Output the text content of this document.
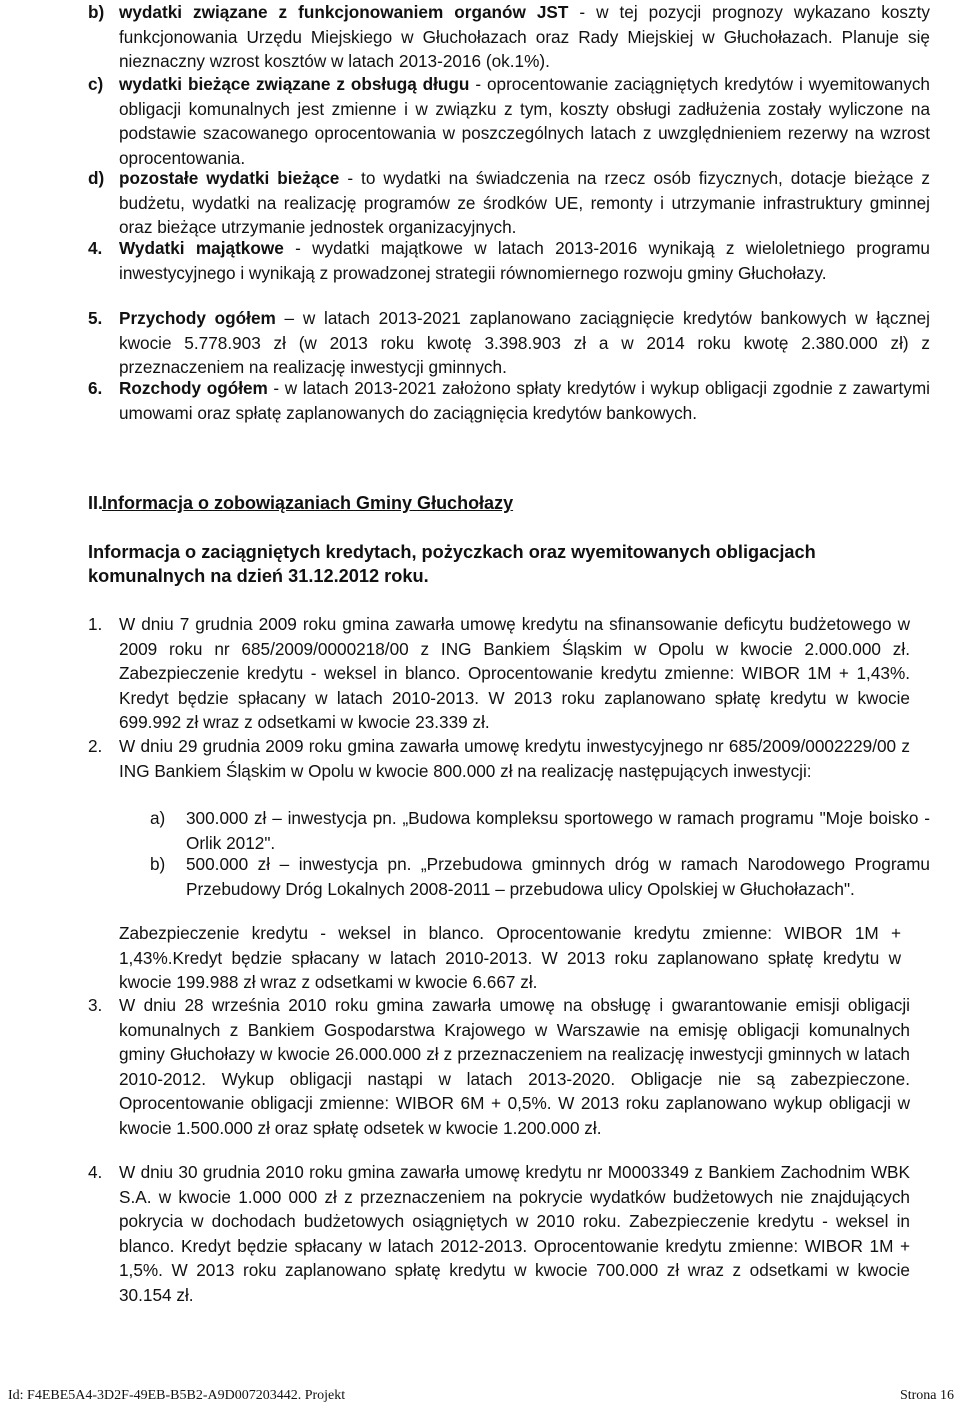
b) wydatki związane z funkcjonowaniem organów JST - w tej pozycji prognozy wykazano koszty funkcjonowania Urzędu Miejskiego w Głuchołazach oraz Rady Miejskiej w Głuchołazach. Planuje się nieznaczny wzrost kosztów w latach 2013-2016 (ok.1%).
c) wydatki bieżące związane z obsługą długu - oprocentowanie zaciągniętych kredytów i wyemitowanych obligacji komunalnych jest zmienne i w związku z tym, koszty obsługi zadłużenia zostały wyliczone na podstawie szacowanego oprocentowania w poszczególnych latach z uwzględnieniem rezerwy na wzrost oprocentowania.
d) pozostałe wydatki bieżące - to wydatki na świadczenia na rzecz osób fizycznych, dotacje bieżące z budżetu, wydatki na realizację programów ze środków UE, remonty i utrzymanie infrastruktury gminnej oraz bieżące utrzymanie jednostek organizacyjnych.
4. Wydatki majątkowe - wydatki majątkowe w latach 2013-2016 wynikają z wieloletniego programu inwestycyjnego i wynikają z prowadzonej strategii równomiernego rozwoju gminy Głuchołazy.
5. Przychody ogółem – w latach 2013-2021 zaplanowano zaciągnięcie kredytów bankowych w łącznej kwocie 5.778.903 zł (w 2013 roku kwotę 3.398.903 zł a w 2014 roku kwotę 2.380.000 zł) z przeznaczeniem na realizację inwestycji gminnych.
6. Rozchody ogółem - w latach 2013-2021 założono spłaty kredytów i wykup obligacji zgodnie z zawartymi umowami oraz spłatę zaplanowanych do zaciągnięcia kredytów bankowych.
II.
Informacja o zobowiązaniach Gminy Głuchołazy
Informacja o zaciągniętych kredytach, pożyczkach oraz wyemitowanych obligacjach komunalnych na dzień 31.12.2012 roku.
1. W dniu 7 grudnia 2009 roku gmina zawarła umowę kredytu na sfinansowanie deficytu budżetowego w 2009 roku nr 685/2009/0000218/00 z ING Bankiem Śląskim w Opolu w kwocie 2.000.000 zł. Zabezpieczenie kredytu - weksel in blanco. Oprocentowanie kredytu zmienne: WIBOR 1M + 1,43%. Kredyt będzie spłacany w latach 2010-2013. W 2013 roku zaplanowano spłatę kredytu w kwocie 699.992 zł wraz z odsetkami w kwocie 23.339 zł.
2. W dniu 29 grudnia 2009 roku gmina zawarła umowę kredytu inwestycyjnego nr 685/2009/0002229/00 z ING Bankiem Śląskim w Opolu w kwocie 800.000 zł na realizację następujących inwestycji:
a) 300.000 zł – inwestycja pn. „Budowa kompleksu sportowego w ramach programu "Moje boisko - Orlik 2012".
b) 500.000 zł – inwestycja pn. „Przebudowa gminnych dróg w ramach Narodowego Programu Przebudowy Dróg Lokalnych 2008-2011 – przebudowa ulicy Opolskiej w Głuchołazach".
Zabezpieczenie kredytu - weksel in blanco. Oprocentowanie kredytu zmienne: WIBOR 1M + 1,43%.Kredyt będzie spłacany w latach 2010-2013. W 2013 roku zaplanowano spłatę kredytu w kwocie 199.988 zł wraz z odsetkami w kwocie 6.667 zł.
3. W dniu 28 września 2010 roku gmina zawarła umowę na obsługę i gwarantowanie emisji obligacji komunalnych z Bankiem Gospodarstwa Krajowego w Warszawie na emisję obligacji komunalnych gminy Głuchołazy w kwocie 26.000.000 zł z przeznaczeniem na realizację inwestycji gminnych w latach 2010-2012. Wykup obligacji nastąpi w latach 2013-2020. Obligacje nie są zabezpieczone. Oprocentowanie obligacji zmienne: WIBOR 6M + 0,5%. W 2013 roku zaplanowano wykup obligacji w kwocie 1.500.000 zł oraz spłatę odsetek w kwocie 1.200.000 zł.
4. W dniu 30 grudnia 2010 roku gmina zawarła umowę kredytu nr M0003349 z Bankiem Zachodnim WBK S.A. w kwocie 1.000 000 zł z przeznaczeniem na pokrycie wydatków budżetowych nie znajdujących pokrycia w dochodach budżetowych osiągniętych w 2010 roku. Zabezpieczenie kredytu - weksel in blanco. Kredyt będzie spłacany w latach 2012-2013. Oprocentowanie kredytu zmienne: WIBOR 1M + 1,5%. W 2013 roku zaplanowano spłatę kredytu w kwocie 700.000 zł wraz z odsetkami w kwocie 30.154 zł.
Id: F4EBE5A4-3D2F-49EB-B5B2-A9D007203442. Projekt	Strona 16
